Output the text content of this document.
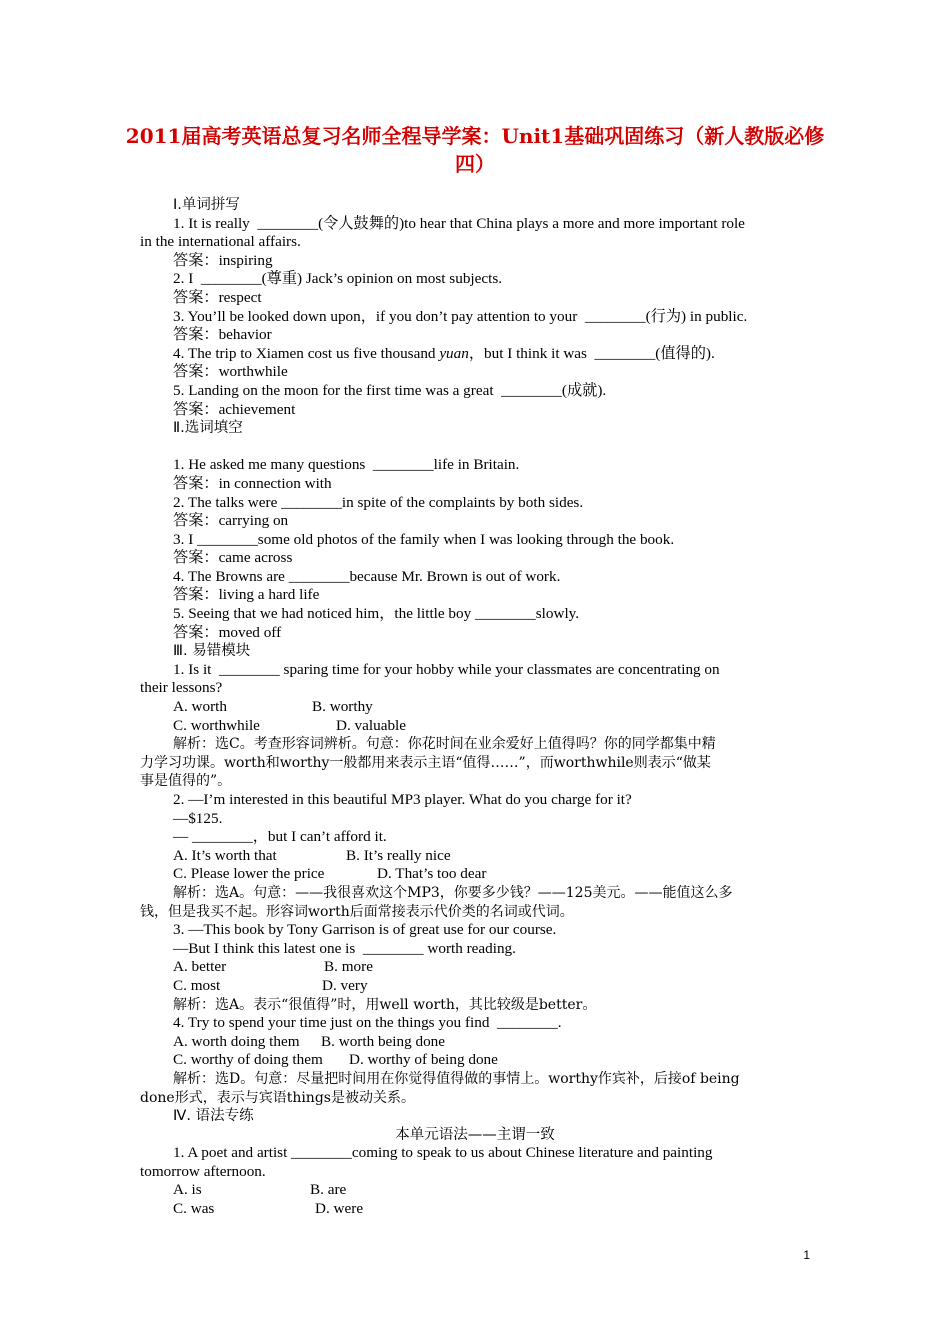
2011届高考英语总复习名师全程导学案：Unit1基础巩固练习（新人教版必修四）
Ⅰ.单词拼写
1. It is really  ________(令人鼓舞的)to hear that China plays a more and more important role
in the international affairs.
答案：inspiring
2. I  ________(尊重) Jack’s opinion on most subjects.
答案：respect
3. You’ll be looked down upon，if you don’t pay attention to your  ________(行为) in public.
答案：behavior
4. The trip to Xiamen cost us five thousand yuan，but I think it was  ________(值得的).
答案：worthwhile
5. Landing on the moon for the first time was a great  ________(成就).
答案：achievement
Ⅱ.选词填空
1. He asked me many questions  ________life in Britain.
答案：in connection with
2. The talks were ________in spite of the complaints by both sides.
答案：carrying on
3. I ________some old photos of the family when I was looking through the book.
答案：came across
4. The Browns are ________because Mr. Brown is out of work.
答案：living a hard life
5. Seeing that we had noticed him，the little boy ________slowly.
答案：moved off
Ⅲ. 易错模块
1. Is it  ________ sparing time for your hobby while your classmates are concentrating on
their lessons?
A. worth	B. worthy
C. worthwhile	D. valuable
解析：选C。考查形容词辨析。句意：你花时间在业余爱好上值得吗？你的同学都集中精
力学习功课。worth和worthy一般都用来表示主语“值得……”，而worthwhile则表示“做某
事是值得的”。
2. —I’m interested in this beautiful MP3 player. What do you charge for it?
—$125.
— ________，but I can’t afford it.
A. It’s worth that	B. It’s really nice
C. Please lower the price	D. That’s too dear
解析：选A。句意：——我很喜欢这个MP3，你要多少钱？——125美元。——能值这么多
钱，但是我买不起。形容词worth后面常接表示代价类的名词或代词。
3. —This book by Tony Garrison is of great use for our course.
—But I think this latest one is  ________ worth reading.
A. better	B. more
C. most	D. very
解析：选A。表示“很值得”时，用well worth，其比较级是better。
4. Try to spend your time just on the things you find  ________.
A. worth doing them	B. worth being done
C. worthy of doing them	D. worthy of being done
解析：选D。句意：尽量把时间用在你觉得值得做的事情上。worthy作宾补，后接of being
done形式，表示与宾语things是被动关系。
Ⅳ. 语法专练
本单元语法——主谓一致
1. A poet and artist ________coming to speak to us about Chinese literature and painting
tomorrow afternoon.
A. is	B. are
C. was	D. were
1
